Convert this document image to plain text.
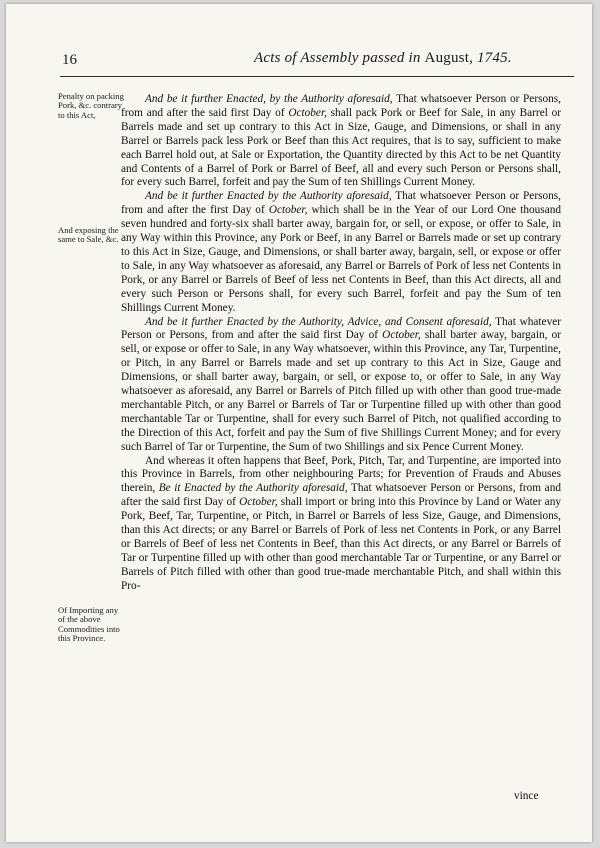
16	Acts of Assembly passed in August, 1745.
Penalty on packing Pork, &c. contrary to this Act,
And exposing the same to Sale, &c.
Of Importing any of the above Commodities into this Province.

And be it further Enacted, by the Authority aforesaid, That whatsoever Person or Persons, from and after the said first Day of October, shall pack Pork or Beef for Sale, in any Barrel or Barrels made and set up contrary to this Act in Size, Gauge, and Dimensions, or shall in any Barrel or Barrels pack less Pork or Beef than this Act requires, that is to say, sufficient to make each Barrel hold out, at Sale or Exportation, the Quantity directed by this Act to be net Quantity and Contents of a Barrel of Pork or Barrel of Beef, all and every such Person or Persons shall, for every such Barrel, forfeit and pay the Sum of ten Shillings Current Money.

And be it further Enacted by the Authority aforesaid, That whatsoever Person or Persons, from and after the first Day of October, which shall be in the Year of our Lord One thousand seven hundred and forty-six shall barter away, bargain for, or sell, or expose, or offer to Sale, in any Way within this Province, any Pork or Beef, in any Barrel or Barrels made or set up contrary to this Act in Size, Gauge, and Dimensions, or shall barter away, bargain, sell, or expose or offer to Sale, in any Way whatsoever as aforesaid, any Barrel or Barrels of Pork of less net Contents in Pork, or any Barrel or Barrels of Beef of less net Contents in Beef, than this Act directs, all and every such Person or Persons shall, for every such Barrel, forfeit and pay the Sum of ten Shillings Current Money.

And be it further Enacted by the Authority, Advice, and Consent aforesaid, That whatever Person or Persons, from and after the said first Day of October, shall barter away, bargain, or sell, or expose or offer to Sale, in any Way whatsoever, within this Province, any Tar, Turpentine, or Pitch, in any Barrel or Barrels made and set up contrary to this Act in Size, Gauge and Dimensions, or shall barter away, bargain, or sell, or expose to, or offer to Sale, in any Way whatsoever as aforesaid, any Barrel or Barrels of Pitch filled up with other than good true-made merchantable Pitch, or any Barrel or Barrels of Tar or Turpentine filled up with other than good merchantable Tar or Turpentine, shall for every such Barrel of Pitch, not qualified according to the Direction of this Act, forfeit and pay the Sum of five Shillings Current Money; and for every such Barrel of Tar or Turpentine, the Sum of two Shillings and six Pence Current Money.

And whereas it often happens that Beef, Pork, Pitch, Tar, and Turpentine, are imported into this Province in Barrels, from other neighbouring Parts; for Prevention of Frauds and Abuses therein, Be it Enacted by the Authority aforesaid, That whatsoever Person or Persons, from and after the said first Day of October, shall import or bring into this Province by Land or Water any Pork, Beef, Tar, Turpentine, or Pitch, in Barrel or Barrels of less Size, Gauge, and Dimensions, than this Act directs; or any Barrel or Barrels of Pork of less net Contents in Pork, or any Barrel or Barrels of Beef of less net Contents in Beef, than this Act directs, or any Barrel or Barrels of Tar or Turpentine filled up with other than good merchantable Tar or Turpentine, or any Barrel or Barrels of Pitch filled with other than good true-made merchantable Pitch, and shall within this Pro-

vince
